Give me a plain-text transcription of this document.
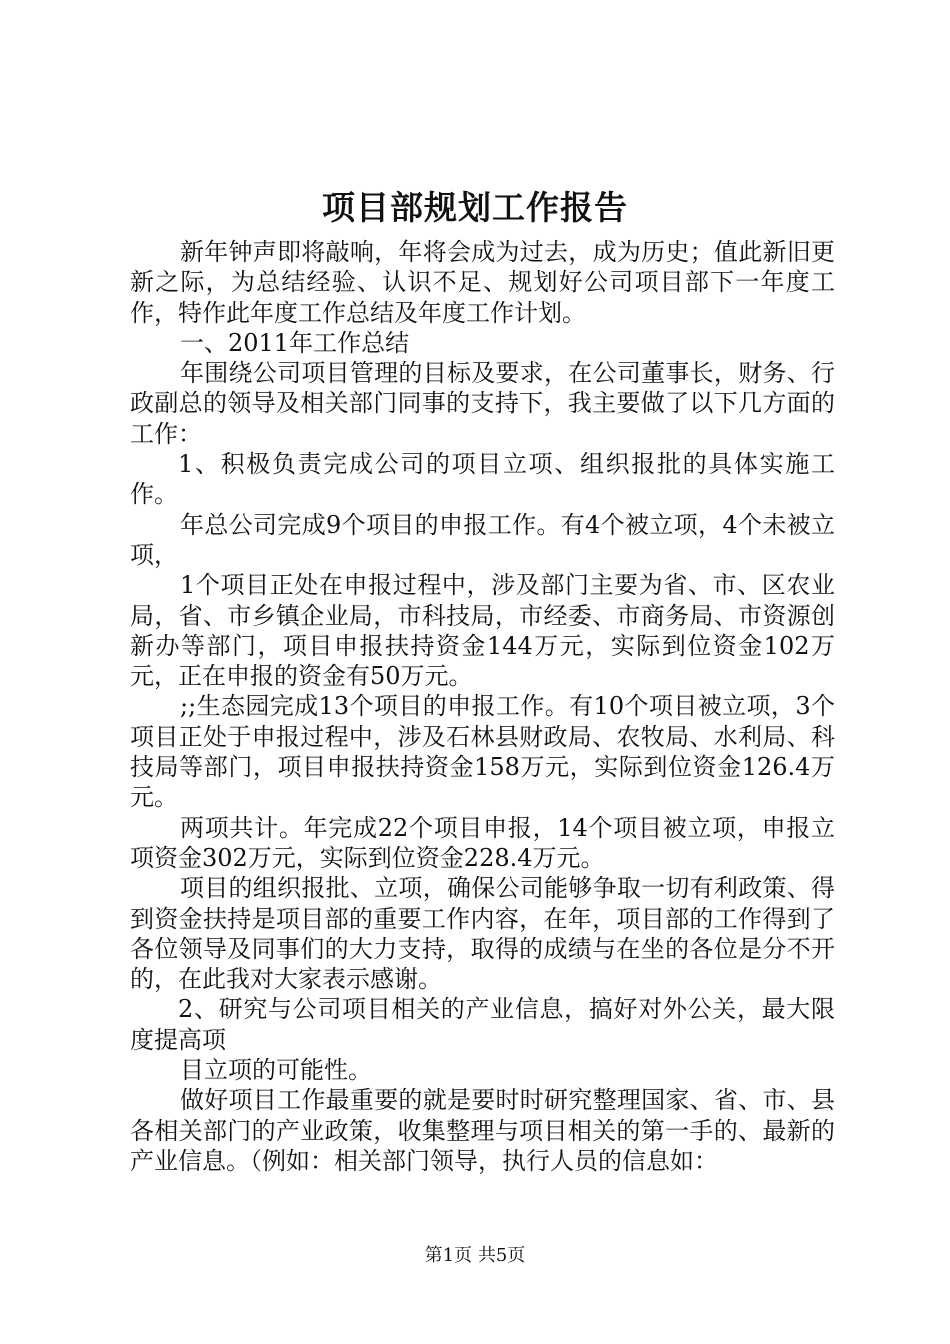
项目部规划工作报告

新年钟声即将敲响，年将会成为过去，成为历史；值此新旧更新之际，为总结经验、认识不足、规划好公司项目部下一年度工作，特作此年度工作总结及年度工作计划。

一、2011年工作总结

年围绕公司项目管理的目标及要求，在公司董事长，财务、行政副总的领导及相关部门同事的支持下，我主要做了以下几方面的工作：

1、积极负责完成公司的项目立项、组织报批的具体实施工作。

年总公司完成9个项目的申报工作。有4个被立项，4个未被立项，

1个项目正处在申报过程中，涉及部门主要为省、市、区农业局，省、市乡镇企业局，市科技局，市经委、市商务局、市资源创新办等部门，项目申报扶持资金144万元，实际到位资金102万元，正在申报的资金有50万元。

;;生态园完成13个项目的申报工作。有10个项目被立项，3个项目正处于申报过程中，涉及石林县财政局、农牧局、水利局、科技局等部门，项目申报扶持资金158万元，实际到位资金126.4万元。

两项共计。年完成22个项目申报，14个项目被立项，申报立项资金302万元，实际到位资金228.4万元。

项目的组织报批、立项，确保公司能够争取一切有利政策、得到资金扶持是项目部的重要工作内容，在年，项目部的工作得到了各位领导及同事们的大力支持，取得的成绩与在坐的各位是分不开的，在此我对大家表示感谢。

2、研究与公司项目相关的产业信息，搞好对外公关，最大限度提高项

目立项的可能性。

做好项目工作最重要的就是要时时研究整理国家、省、市、县各相关部门的产业政策，收集整理与项目相关的第一手的、最新的产业信息。（例如：相关部门领导，执行人员的信息如：

第1页 共5页
